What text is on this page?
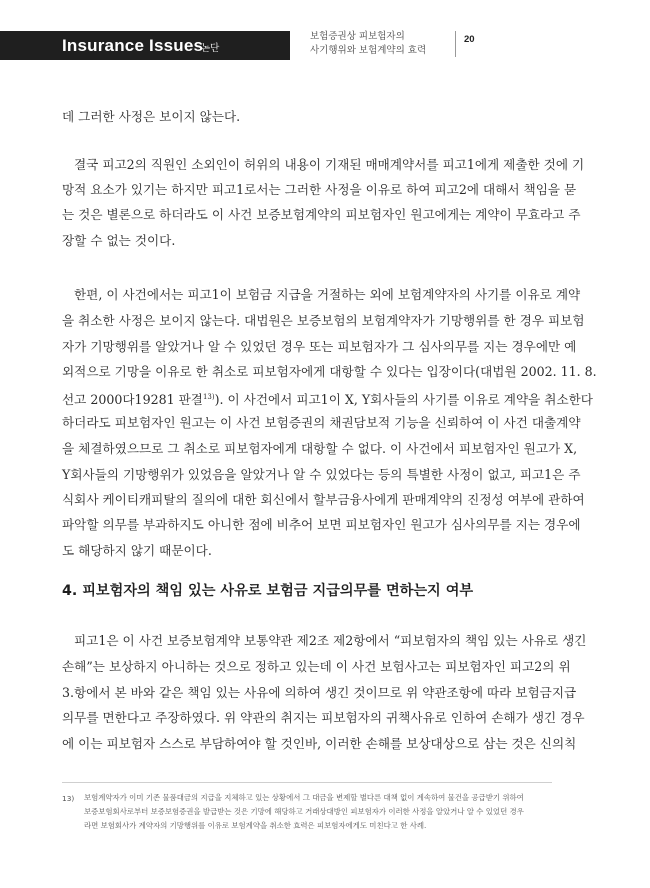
Insurance Issues
논단
보험증권상 피보험자의
사기행위와 보험계약의 효력
20
데 그러한 사정은 보이지 않는다.
결국 피고2의 직원인 소외인이 허위의 내용이 기재된 매매계약서를 피고1에게 제출한 것에 기
망적 요소가 있기는 하지만 피고1로서는 그러한 사정을 이유로 하여 피고2에 대해서 책임을 묻
는 것은 별론으로 하더라도 이 사건 보증보험계약의 피보험자인 원고에게는 계약이 무효라고 주
장할 수 없는 것이다.
한편, 이 사건에서는 피고1이 보험금 지급을 거절하는 외에 보험계약자의 사기를 이유로 계약
을 취소한 사정은 보이지 않는다. 대법원은 보증보험의 보험계약자가 기망행위를 한 경우 피보험
자가 기망행위를 알았거나 알 수 있었던 경우 또는 피보험자가 그 심사의무를 지는 경우에만 예
외적으로 기망을 이유로 한 취소로 피보험자에게 대항할 수 있다는 입장이다(대법원 2002. 11. 8.
선고 2000다19281 판결$^{13)}$). 이 사건에서 피고1이 X, Y회사들의 사기를 이유로 계약을 취소한다
하더라도 피보험자인 원고는 이 사건 보험증권의 채권담보적 기능을 신뢰하여 이 사건 대출계약
을 체결하였으므로 그 취소로 피보험자에게 대항할 수 없다. 이 사건에서 피보험자인 원고가 X,
Y회사들의 기망행위가 있었음을 알았거나 알 수 있었다는 등의 특별한 사정이 없고, 피고1은 주
식회사 케이티캐피탈의 질의에 대한 회신에서 할부금융사에게 판매계약의 진정성 여부에 관하여
파악할 의무를 부과하지도 아니한 점에 비추어 보면 피보험자인 원고가 심사의무를 지는 경우에
도 해당하지 않기 때문이다.
4. 피보험자의 책임 있는 사유로 보험금 지급의무를 면하는지 여부
피고1은 이 사건 보증보험계약 보통약관 제2조 제2항에서 “피보험자의 책임 있는 사유로 생긴
손해”는 보상하지 아니하는 것으로 정하고 있는데 이 사건 보험사고는 피보험자인 피고2의 위
3.항에서 본 바와 같은 책임 있는 사유에 의하여 생긴 것이므로 위 약관조항에 따라 보험금지급
의무를 면한다고 주장하였다. 위 약관의 취지는 피보험자의 귀책사유로 인하여 손해가 생긴 경우
에 이는 피보험자 스스로 부담하여야 할 것인바, 이러한 손해를 보상대상으로 삼는 것은 신의칙
13) 보험계약자가 이미 기존 물품대금의 지급을 지체하고 있는 상황에서 그 대금을 변제할 별다른 대책 없이 계속하여 물건을 공급받기 위하여
보증보험회사로부터 보증보험증권을 발급받는 것은 기망에 해당하고 거래상대방인 피보험자가 이러한 사정을 알았거나 알 수 있었던 경우
라면 보험회사가 계약자의 기망행위를 이유로 보험계약을 취소한 효력은 피보험자에게도 미친다고 한 사례.
